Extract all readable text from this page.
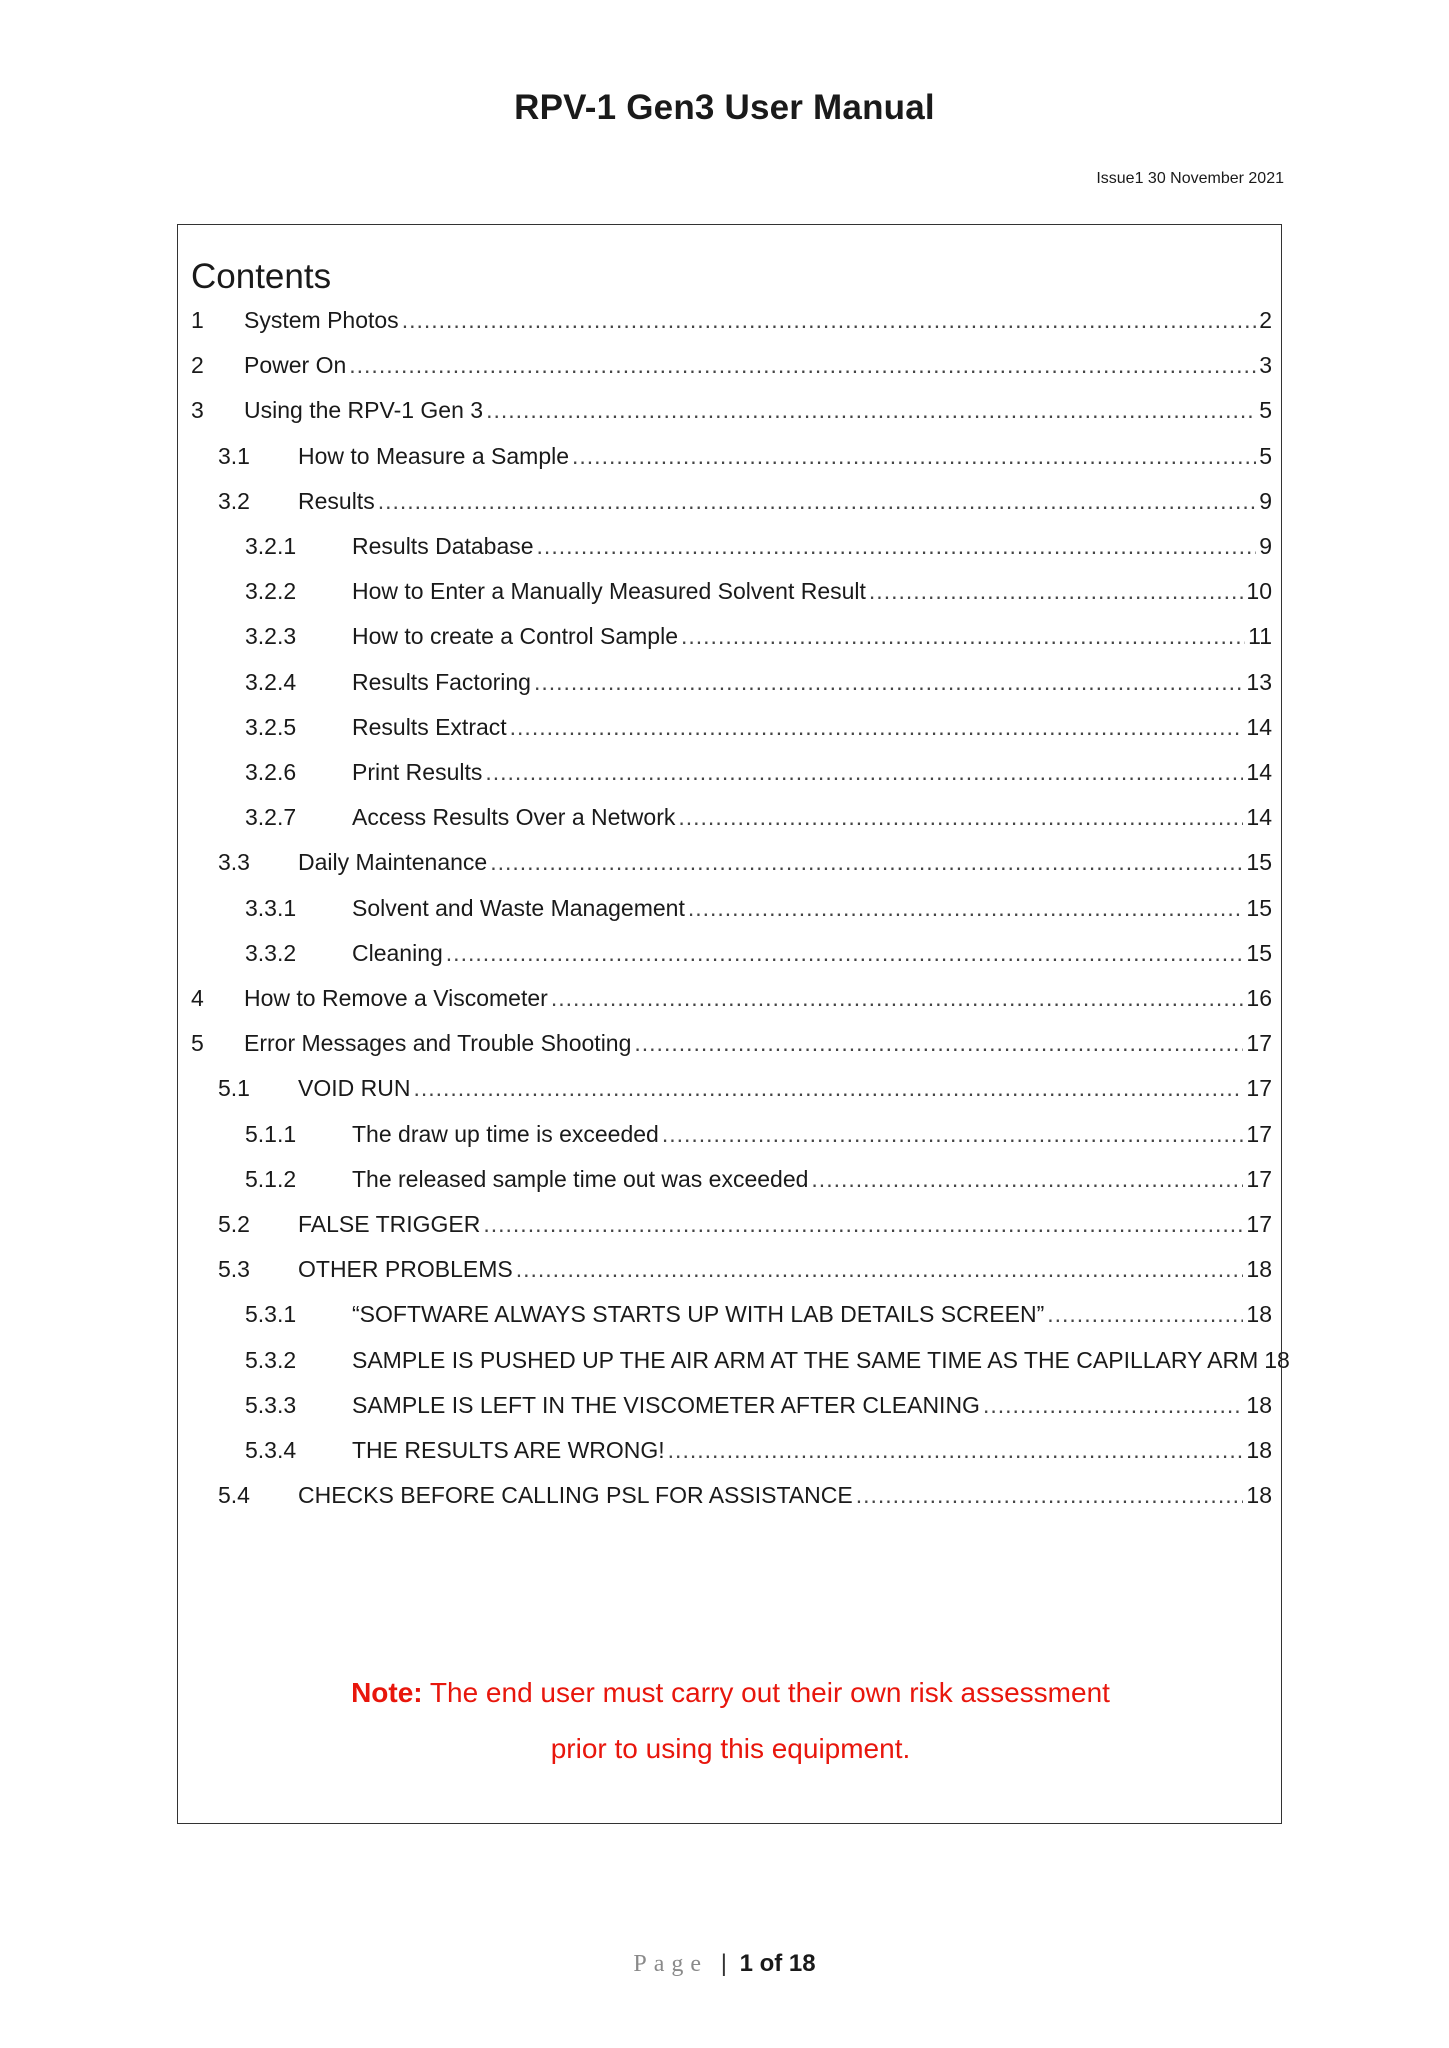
RPV-1 Gen3 User Manual
Issue1 30 November 2021
Contents
1	System Photos .....	2
2	Power On .....	3
3	Using the RPV-1 Gen 3 .....	5
3.1	How to Measure a Sample .....	5
3.2	Results .....	9
3.2.1	Results Database .....	9
3.2.2	How to Enter a Manually Measured Solvent Result .....	10
3.2.3	How to create a Control Sample .....	11
3.2.4	Results Factoring .....	13
3.2.5	Results Extract .....	14
3.2.6	Print Results .....	14
3.2.7	Access Results Over a Network .....	14
3.3	Daily Maintenance .....	15
3.3.1	Solvent and Waste Management .....	15
3.3.2	Cleaning .....	15
4	How to Remove a Viscometer .....	16
5	Error Messages and Trouble Shooting .....	17
5.1	VOID RUN .....	17
5.1.1	The draw up time is exceeded .....	17
5.1.2	The released sample time out was exceeded .....	17
5.2	FALSE TRIGGER .....	17
5.3	OTHER PROBLEMS .....	18
5.3.1	“SOFTWARE ALWAYS STARTS UP WITH LAB DETAILS SCREEN” .....	18
5.3.2	SAMPLE IS PUSHED UP THE AIR ARM AT THE SAME TIME AS THE CAPILLARY ARM 18
5.3.3	SAMPLE IS LEFT IN THE VISCOMETER AFTER CLEANING .....	18
5.3.4	THE RESULTS ARE WRONG! .....	18
5.4	CHECKS BEFORE CALLING PSL FOR ASSISTANCE .....	18
Note: The end user must carry out their own risk assessment
prior to using this equipment.
Page | 1 of 18
